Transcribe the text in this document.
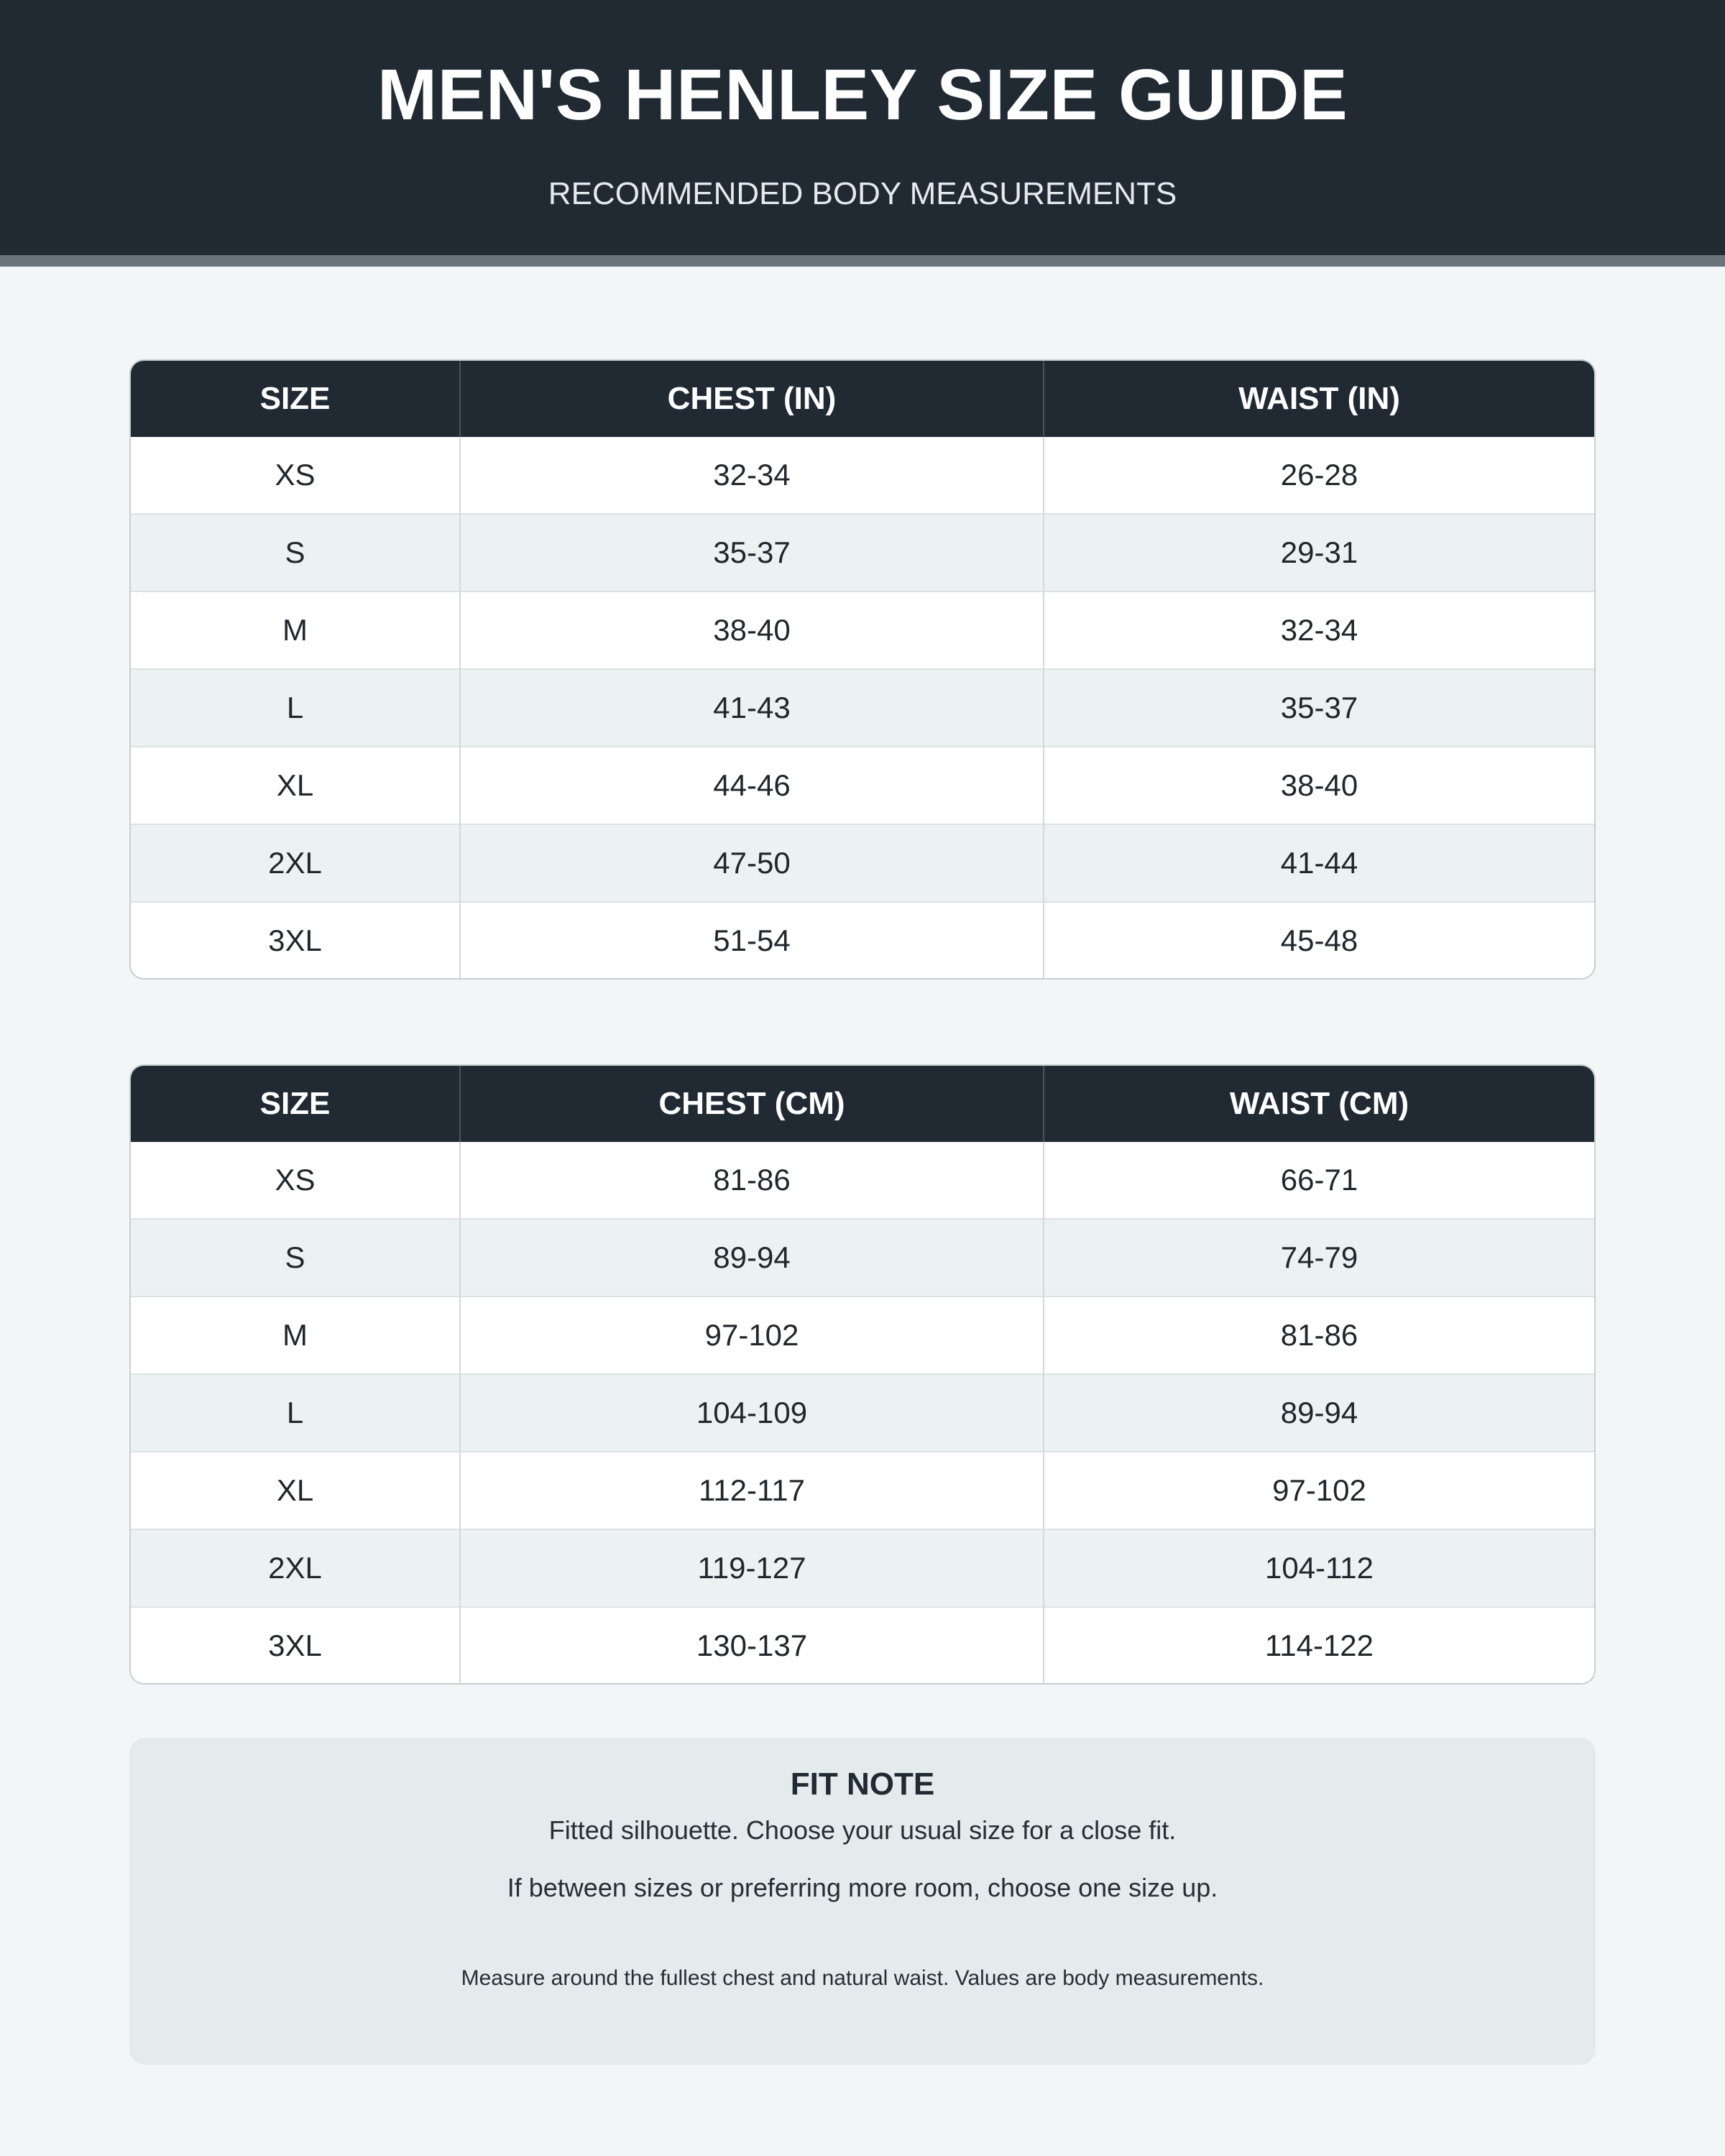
MEN'S HENLEY SIZE GUIDE
RECOMMENDED BODY MEASUREMENTS
SIZE	CHEST (IN)	WAIST (IN)
XS	32-34	26-28
S	35-37	29-31
M	38-40	32-34
L	41-43	35-37
XL	44-46	38-40
2XL	47-50	41-44
3XL	51-54	45-48
SIZE	CHEST (CM)	WAIST (CM)
XS	81-86	66-71
S	89-94	74-79
M	97-102	81-86
L	104-109	89-94
XL	112-117	97-102
2XL	119-127	104-112
3XL	130-137	114-122
FIT NOTE
Fitted silhouette. Choose your usual size for a close fit.
If between sizes or preferring more room, choose one size up.
Measure around the fullest chest and natural waist. Values are body measurements.
